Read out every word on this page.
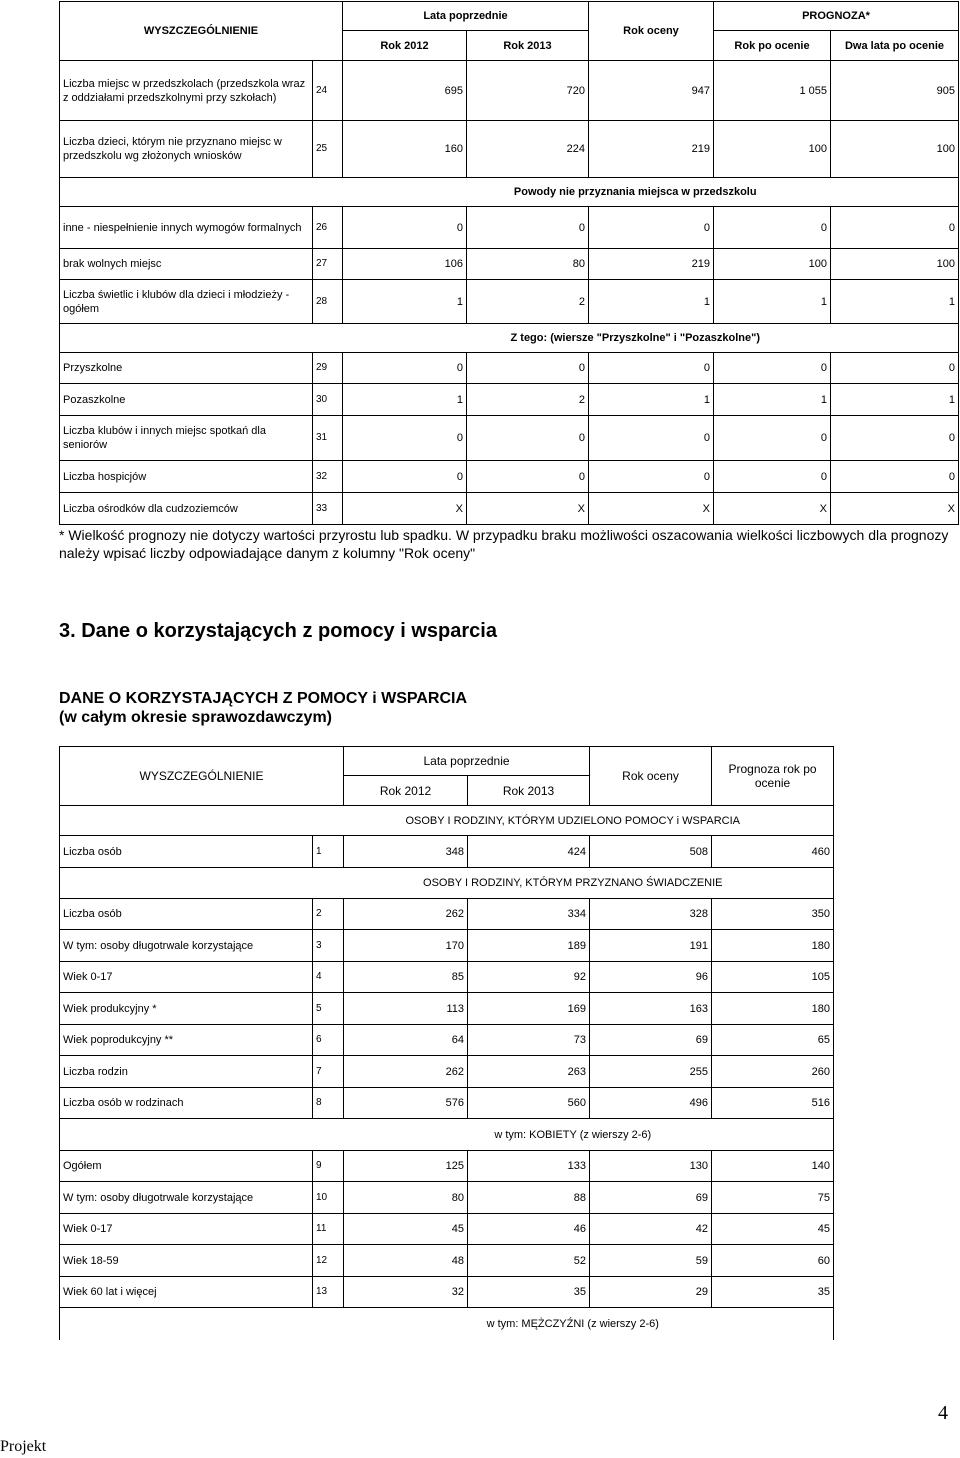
WYSZCZEGÓLNIENIE		Lata poprzednie		Rok oceny	PROGNOZA*	
		Rok 2012	Rok 2013		Rok po ocenie	Dwa lata po ocenie
Liczba miejsc w przedszkolach (przedszkola wraz z oddziałami przedszkolnymi przy szkołach)	24	695	720	947	1 055	905
Liczba dzieci, którym nie przyznano miejsc w przedszkolu wg złożonych wniosków	25	160	224	219	100	100
	Powody nie przyznania miejsca w przedszkolu					
inne - niespełnienie innych wymogów formalnych	26	0	0	0	0	0
brak wolnych miejsc	27	106	80	219	100	100
Liczba świetlic i klubów dla dzieci i młodzieży - ogółem	28	1	2	1	1	1
	Z tego: (wiersze "Przyszkolne" i "Pozaszkolne")					
Przyszkolne	29	0	0	0	0	0
Pozaszkolne	30	1	2	1	1	1
Liczba klubów i innych miejsc spotkań dla seniorów	31	0	0	0	0	0
Liczba hospicjów	32	0	0	0	0	0
Liczba ośrodków dla cudzoziemców	33	X	X	X	X	X
* Wielkość prognozy nie dotyczy wartości przyrostu lub spadku. W przypadku braku możliwości oszacowania wielkości liczbowych dla prognozy należy wpisać liczby odpowiadające danym z kolumny "Rok oceny"
3. Dane o korzystających z pomocy i wsparcia
DANE O KORZYSTAJĄCYCH Z POMOCY i WSPARCIA
(w całym okresie sprawozdawczym)
WYSZCZEGÓLNIENIE		Lata poprzednie		Rok oceny	Prognoza rok po ocenie
		Rok 2012	Rok 2013		
	OSOBY I RODZINY, KTÓRYM UDZIELONO POMOCY i WSPARCIA				
Liczba osób	1	348	424	508	460
	OSOBY I RODZINY, KTÓRYM PRZYZNANO ŚWIADCZENIE				
Liczba osób	2	262	334	328	350
W tym: osoby długotrwale korzystające	3	170	189	191	180
Wiek 0-17	4	85	92	96	105
Wiek produkcyjny *	5	113	169	163	180
Wiek poprodukcyjny **	6	64	73	69	65
Liczba rodzin	7	262	263	255	260
Liczba osób w rodzinach	8	576	560	496	516
	w tym: KOBIETY (z wierszy 2-6)				
Ogółem	9	125	133	130	140
W tym: osoby długotrwale korzystające	10	80	88	69	75
Wiek 0-17	11	45	46	42	45
Wiek 18-59	12	48	52	59	60
Wiek 60 lat i więcej	13	32	35	29	35
	w tym: MĘŻCZYŹNI (z wierszy 2-6)				
4
Projekt
